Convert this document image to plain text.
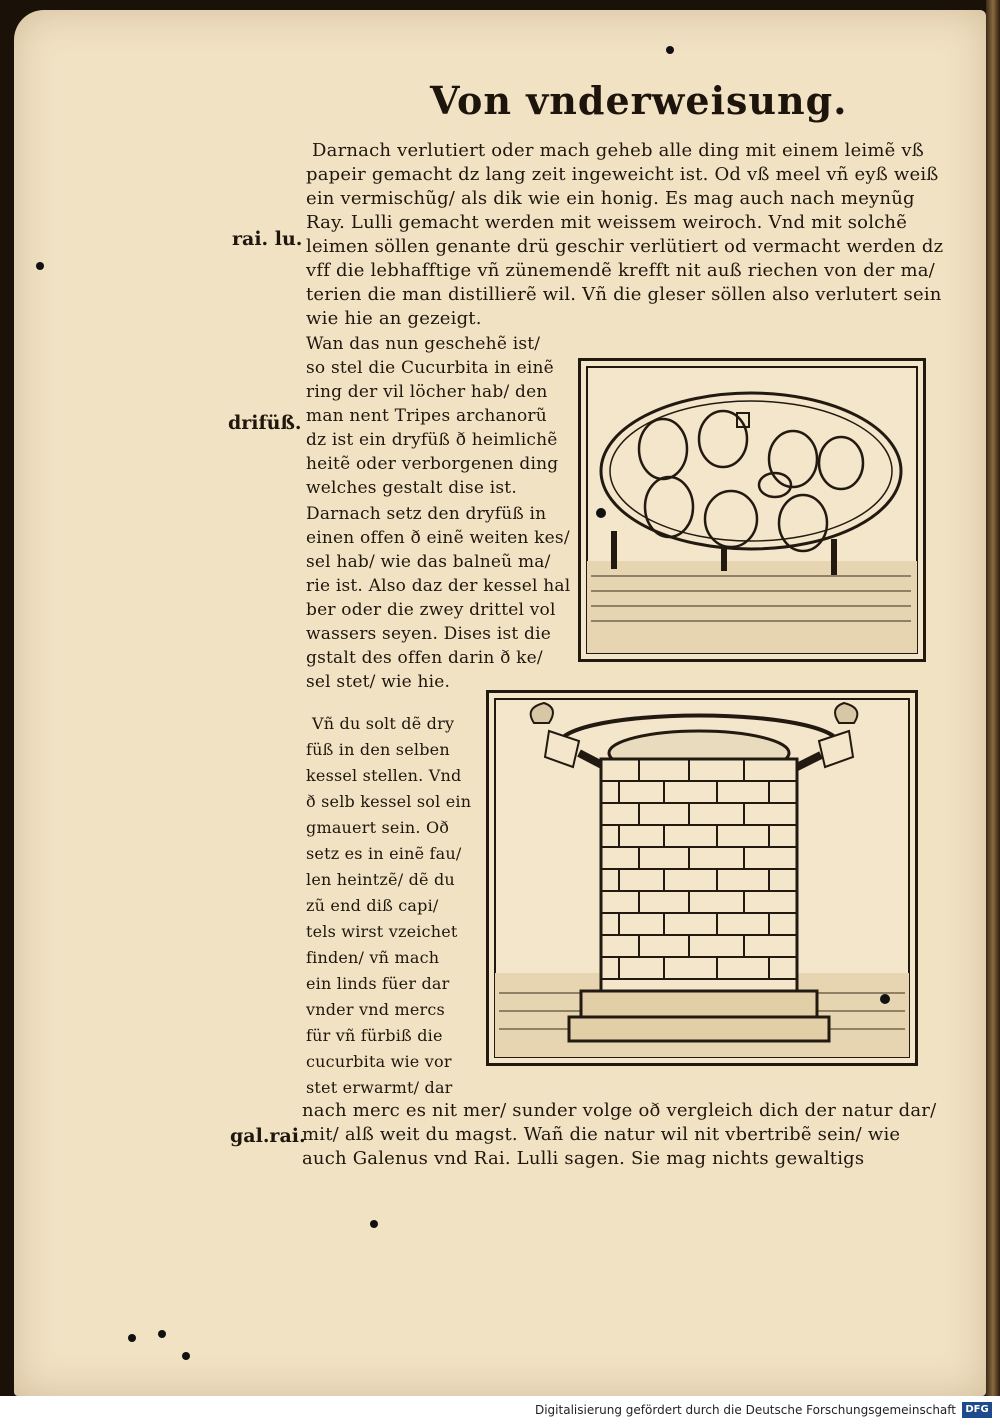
Von vnderweisung.
rai. lu.
drifüß.
gal.rai.
Darnach verlutiert oder mach geheb alle ding mit einem leimẽ vß
papeir gemacht dz lang zeit ingeweicht ist. Od vß meel vñ eyß weiß
ein vermischũg/ als dik wie ein honig. Es mag auch nach meynũg
Ray. Lulli gemacht werden mit weissem weiroch. Vnd mit solchẽ
leimen söllen genante drü geschir verlütiert od vermacht werden dz
vff die lebhafftige vñ zünemendẽ krefft nit auß riechen von der ma/
terien die man distillierẽ wil. Vñ die gleser söllen also verlutert sein
wie hie an gezeigt.
Wan das nun geschehẽ ist/
so stel die Cucurbita in einẽ
ring der vil löcher hab/ den
man nent Tripes archanorũ
dz ist ein dryfüß ð heimlichẽ
heitẽ oder verborgenen ding
welches gestalt dise ist.
Darnach setz den dryfüß in
einen offen ð einẽ weiten kes/
sel hab/ wie das balneũ ma/
rie ist. Also daz der kessel hal
ber oder die zwey drittel vol
wassers seyen. Dises ist die
gstalt des offen darin ð ke/
sel stet/ wie hie.
Vñ du solt dẽ dry
füß in den selben
kessel stellen. Vnd
ð selb kessel sol ein
gmauert sein. Oð
setz es in einẽ fau/
len heintzẽ/ dẽ du
zũ end diß capi/
tels wirst vzeichet
finden/ vñ mach
ein linds füer dar
vnder vnd mercs
für vñ fürbiß die
cucurbita wie vor
stet erwarmt/ dar
nach merc es nit mer/ sunder volge oð vergleich dich der natur dar/
mit/ alß weit du magst. Wañ die natur wil nit vbertribẽ sein/ wie
auch Galenus vnd Rai. Lulli sagen. Sie mag nichts gewaltigs
Digitalisierung gefördert durch die Deutsche Forschungsgemeinschaft DFG
